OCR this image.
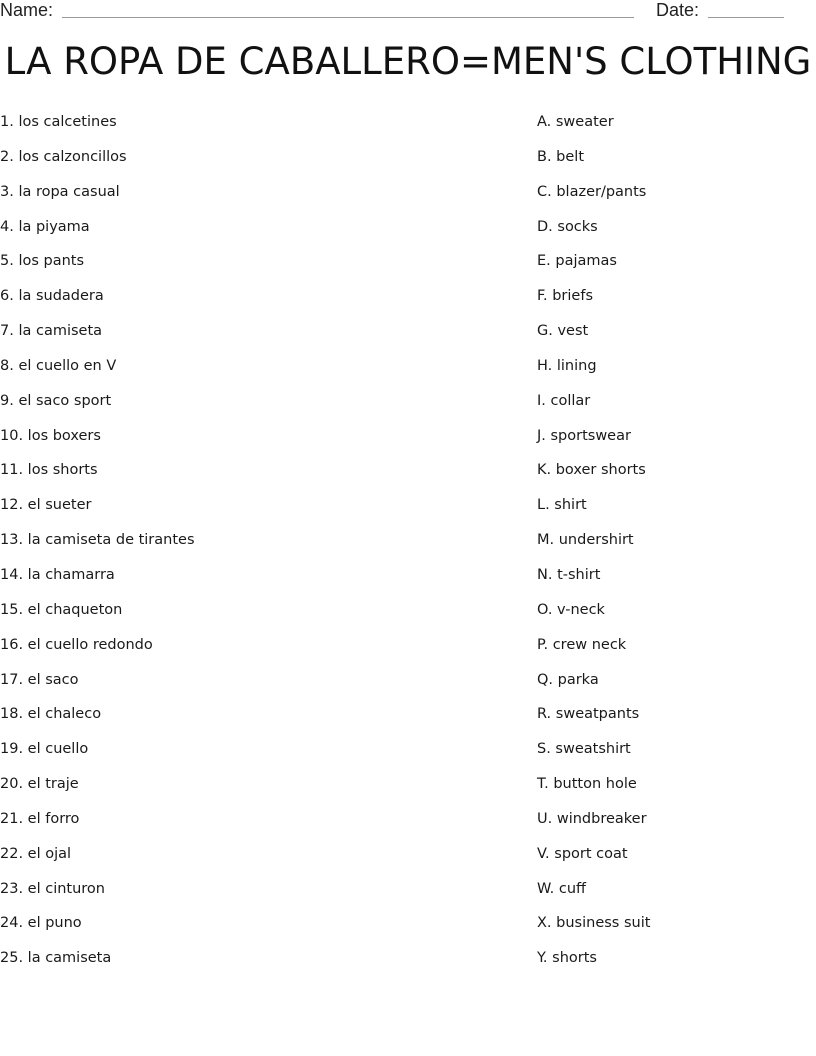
Name:	Date:
LA ROPA DE CABALLERO=MEN'S CLOTHING
1. los calcetines
2. los calzoncillos
3. la ropa casual
4. la piyama
5. los pants
6. la sudadera
7. la camiseta
8. el cuello en V
9. el saco sport
10. los boxers
11. los shorts
12. el sueter
13. la camiseta de tirantes
14. la chamarra
15. el chaqueton
16. el cuello redondo
17. el saco
18. el chaleco
19. el cuello
20. el traje
21. el forro
22. el ojal
23. el cinturon
24. el puno
25. la camiseta
A. sweater
B. belt
C. blazer/pants
D. socks
E. pajamas
F. briefs
G. vest
H. lining
I. collar
J. sportswear
K. boxer shorts
L. shirt
M. undershirt
N. t-shirt
O. v-neck
P. crew neck
Q. parka
R. sweatpants
S. sweatshirt
T. button hole
U. windbreaker
V. sport coat
W. cuff
X. business suit
Y. shorts
